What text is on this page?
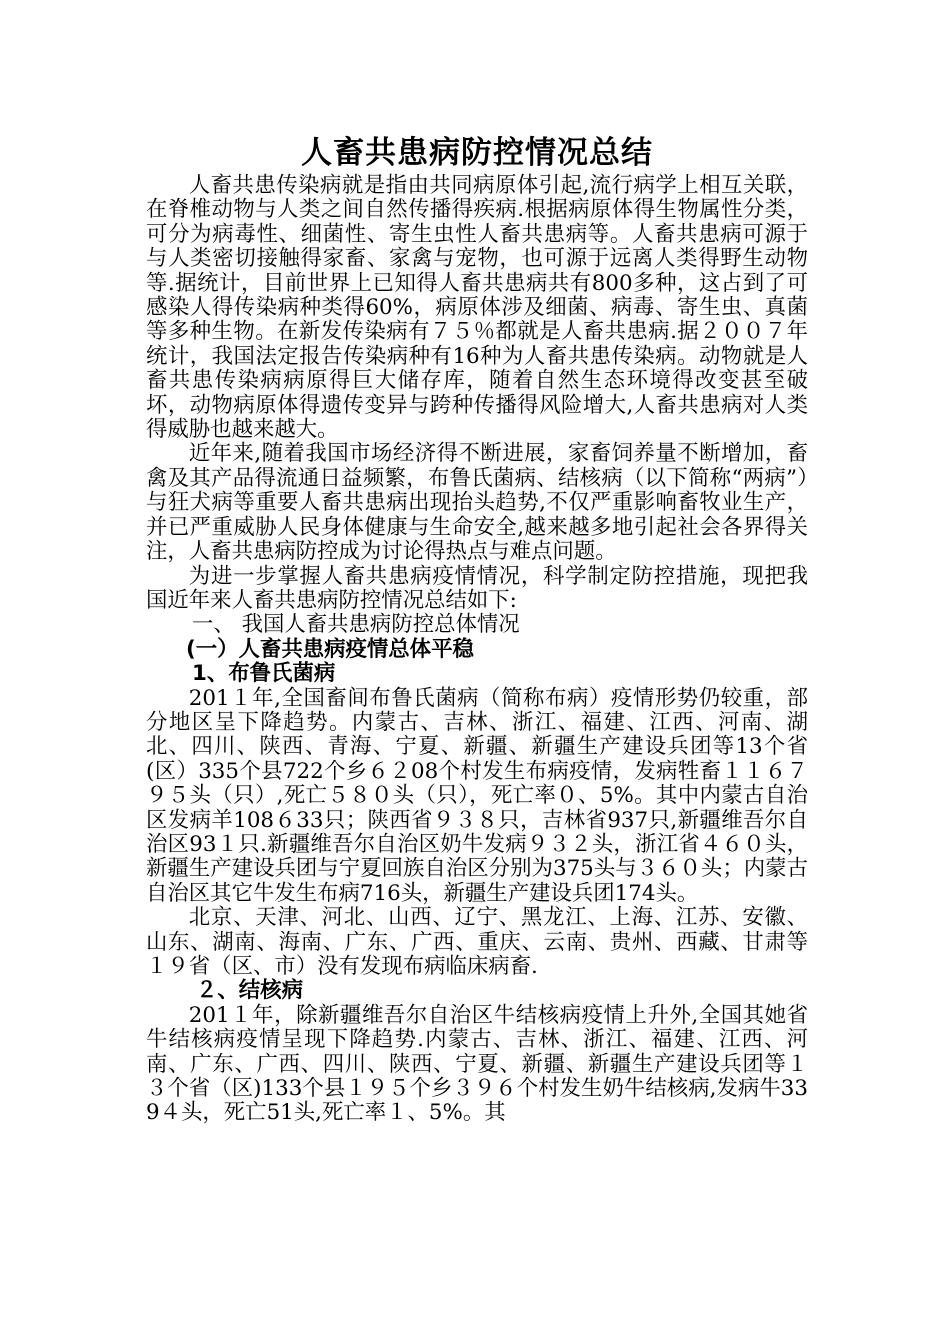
人畜共患病防控情况总结

人畜共患传染病就是指由共同病原体引起,流行病学上相互关联，在脊椎动物与人类之间自然传播得疾病.根据病原体得生物属性分类，可分为病毒性、细菌性、寄生虫性人畜共患病等。人畜共患病可源于与人类密切接触得家畜、家禽与宠物，也可源于远离人类得野生动物等.据统计，目前世界上已知得人畜共患病共有800多种，这占到了可感染人得传染病种类得60%，病原体涉及细菌、病毒、寄生虫、真菌等多种生物。在新发传染病有７５％都就是人畜共患病.据２００７年统计，我国法定报告传染病种有16种为人畜共患传染病。动物就是人畜共患传染病病原得巨大储存库，随着自然生态环境得改变甚至破坏，动物病原体得遗传变异与跨种传播得风险增大,人畜共患病对人类得威胁也越来越大。

近年来,随着我国市场经济得不断进展，家畜饲养量不断增加，畜禽及其产品得流通日益频繁，布鲁氏菌病、结核病（以下简称“两病”）与狂犬病等重要人畜共患病出现抬头趋势,不仅严重影响畜牧业生产，并已严重威胁人民身体健康与生命安全,越来越多地引起社会各界得关注，人畜共患病防控成为讨论得热点与难点问题。

为进一步掌握人畜共患病疫情情况，科学制定防控措施，现把我国近年来人畜共患病防控情况总结如下:

一、 我国人畜共患病防控总体情况
(一）人畜共患病疫情总体平稳
1、布鲁氏菌病

201１年,全国畜间布鲁氏菌病（简称布病）疫情形势仍较重，部分地区呈下降趋势。内蒙古、吉林、浙江、福建、江西、河南、湖北、四川、陕西、青海、宁夏、新疆、新疆生产建设兵团等13个省(区）335个县722个乡６２08个村发生布病疫情，发病牲畜１１６７９５头（只）,死亡５８０头（只），死亡率０、5%。其中内蒙古自治区发病羊108６33只；陕西省９３８只，吉林省937只,新疆维吾尔自治区93１只.新疆维吾尔自治区奶牛发病９３２头，浙江省４６０头，新疆生产建设兵团与宁夏回族自治区分别为375头与３６０头；内蒙古自治区其它牛发生布病716头，新疆生产建设兵团174头。

北京、天津、河北、山西、辽宁、黑龙江、上海、江苏、安徽、山东、湖南、海南、广东、广西、重庆、云南、贵州、西藏、甘肃等１９省（区、市）没有发现布病临床病畜.

２、结核病

201１年，除新疆维吾尔自治区牛结核病疫情上升外,全国其她省牛结核病疫情呈现下降趋势.内蒙古、吉林、浙江、福建、江西、河南、广东、广西、四川、陕西、宁夏、新疆、新疆生产建设兵团等１３个省（区)133个县１９５个乡３９６个村发生奶牛结核病,发病牛339４头，死亡51头,死亡率１、5%。其
